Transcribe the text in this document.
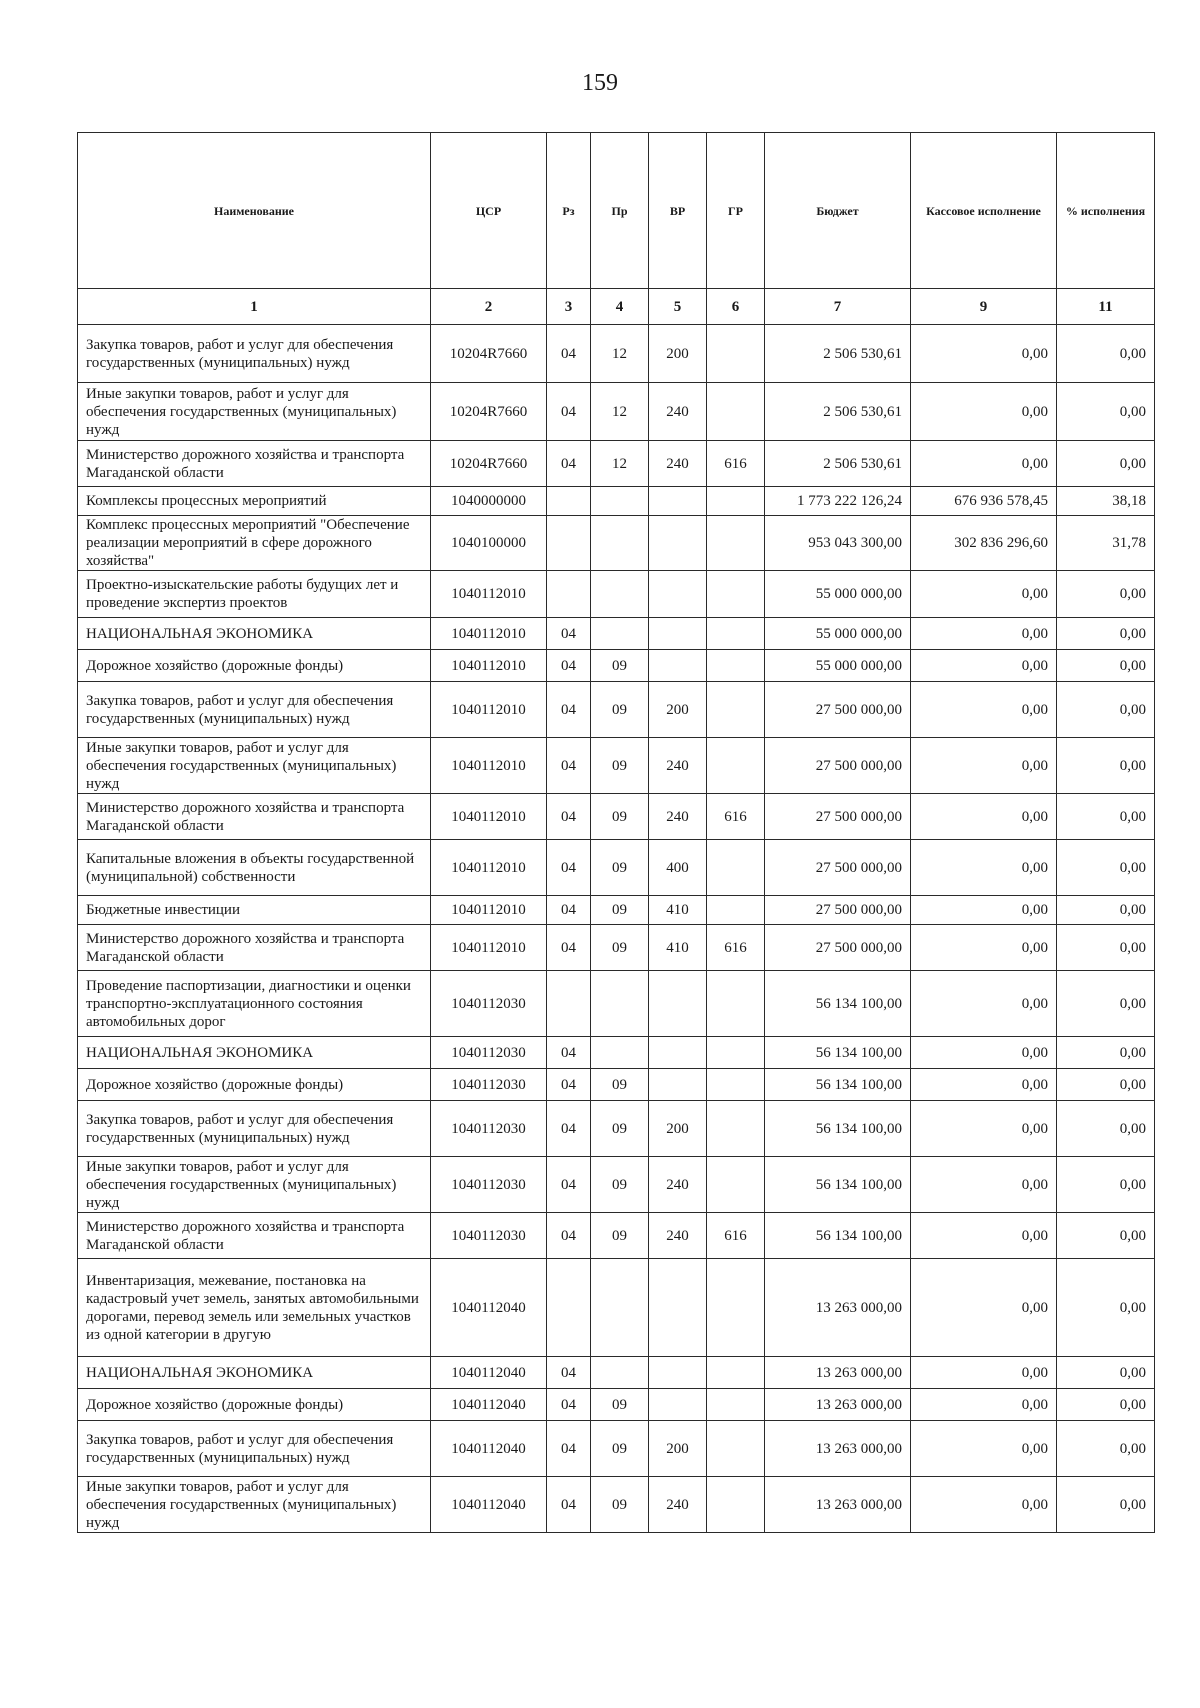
159
Наименование	ЦСР	Рз	Пр	ВР	ГР	Бюджет	Кассовое исполнение	% исполнения
1	2	3	4	5	6	7	9	11
Закупка товаров, работ и услуг для обеспечения государственных (муниципальных) нужд	10204R7660	04	12	200		2 506 530,61	0,00	0,00
Иные закупки товаров, работ и услуг для обеспечения государственных (муниципальных) нужд	10204R7660	04	12	240		2 506 530,61	0,00	0,00
Министерство дорожного хозяйства и транспорта Магаданской области	10204R7660	04	12	240	616	2 506 530,61	0,00	0,00
Комплексы процессных мероприятий	1040000000					1 773 222 126,24	676 936 578,45	38,18
Комплекс процессных мероприятий "Обеспечение реализации мероприятий в сфере дорожного хозяйства"	1040100000					953 043 300,00	302 836 296,60	31,78
Проектно-изыскательские работы будущих лет и проведение экспертиз проектов	1040112010					55 000 000,00	0,00	0,00
НАЦИОНАЛЬНАЯ ЭКОНОМИКА	1040112010	04				55 000 000,00	0,00	0,00
Дорожное хозяйство (дорожные фонды)	1040112010	04	09			55 000 000,00	0,00	0,00
Закупка товаров, работ и услуг для обеспечения государственных (муниципальных) нужд	1040112010	04	09	200		27 500 000,00	0,00	0,00
Иные закупки товаров, работ и услуг для обеспечения государственных (муниципальных) нужд	1040112010	04	09	240		27 500 000,00	0,00	0,00
Министерство дорожного хозяйства и транспорта Магаданской области	1040112010	04	09	240	616	27 500 000,00	0,00	0,00
Капитальные вложения в объекты государственной (муниципальной) собственности	1040112010	04	09	400		27 500 000,00	0,00	0,00
Бюджетные инвестиции	1040112010	04	09	410		27 500 000,00	0,00	0,00
Министерство дорожного хозяйства и транспорта Магаданской области	1040112010	04	09	410	616	27 500 000,00	0,00	0,00
Проведение паспортизации, диагностики и оценки транспортно-эксплуатационного состояния автомобильных дорог	1040112030					56 134 100,00	0,00	0,00
НАЦИОНАЛЬНАЯ ЭКОНОМИКА	1040112030	04				56 134 100,00	0,00	0,00
Дорожное хозяйство (дорожные фонды)	1040112030	04	09			56 134 100,00	0,00	0,00
Закупка товаров, работ и услуг для обеспечения государственных (муниципальных) нужд	1040112030	04	09	200		56 134 100,00	0,00	0,00
Иные закупки товаров, работ и услуг для обеспечения государственных (муниципальных) нужд	1040112030	04	09	240		56 134 100,00	0,00	0,00
Министерство дорожного хозяйства и транспорта Магаданской области	1040112030	04	09	240	616	56 134 100,00	0,00	0,00
Инвентаризация, межевание, постановка на кадастровый учет земель, занятых автомобильными дорогами, перевод земель или земельных участков из одной категории в другую	1040112040					13 263 000,00	0,00	0,00
НАЦИОНАЛЬНАЯ ЭКОНОМИКА	1040112040	04				13 263 000,00	0,00	0,00
Дорожное хозяйство (дорожные фонды)	1040112040	04	09			13 263 000,00	0,00	0,00
Закупка товаров, работ и услуг для обеспечения государственных (муниципальных) нужд	1040112040	04	09	200		13 263 000,00	0,00	0,00
Иные закупки товаров, работ и услуг для обеспечения государственных (муниципальных) нужд	1040112040	04	09	240		13 263 000,00	0,00	0,00
